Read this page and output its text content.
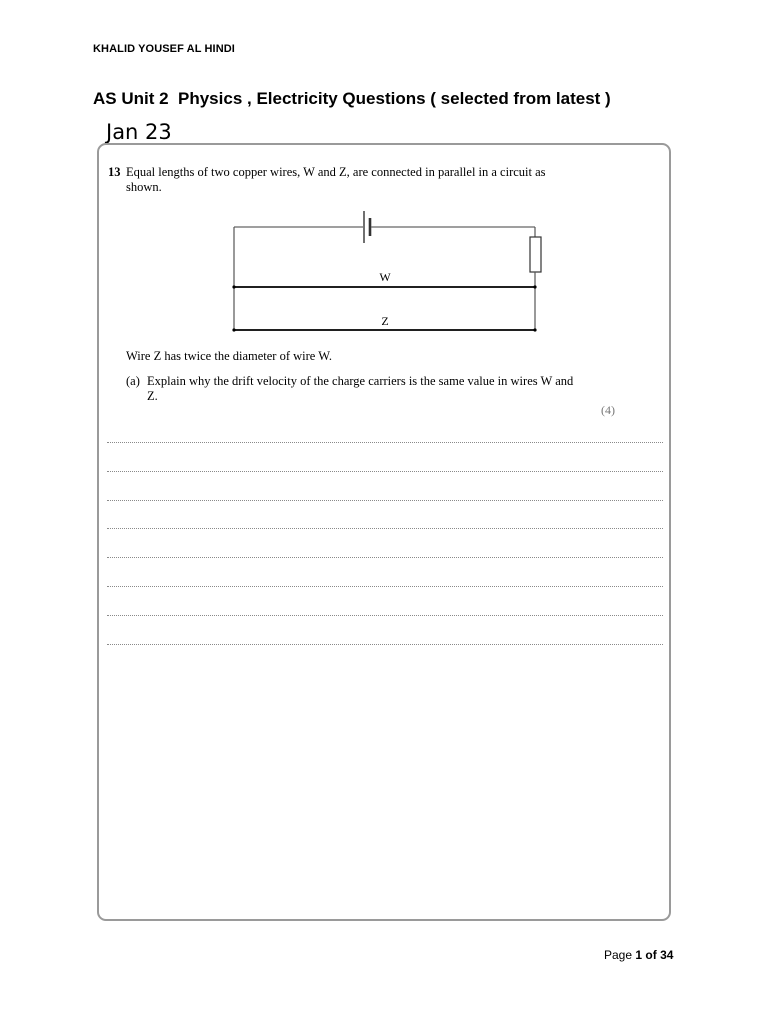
KHALID YOUSEF AL HINDI
AS Unit 2  Physics , Electricity Questions ( selected from latest )
Jan 23
13 Equal lengths of two copper wires, W and Z, are connected in parallel in a circuit as shown.
W
Z
Wire Z has twice the diameter of wire W.
(a) Explain why the drift velocity of the charge carriers is the same value in wires W and Z.
(4)
Page 1 of 34
